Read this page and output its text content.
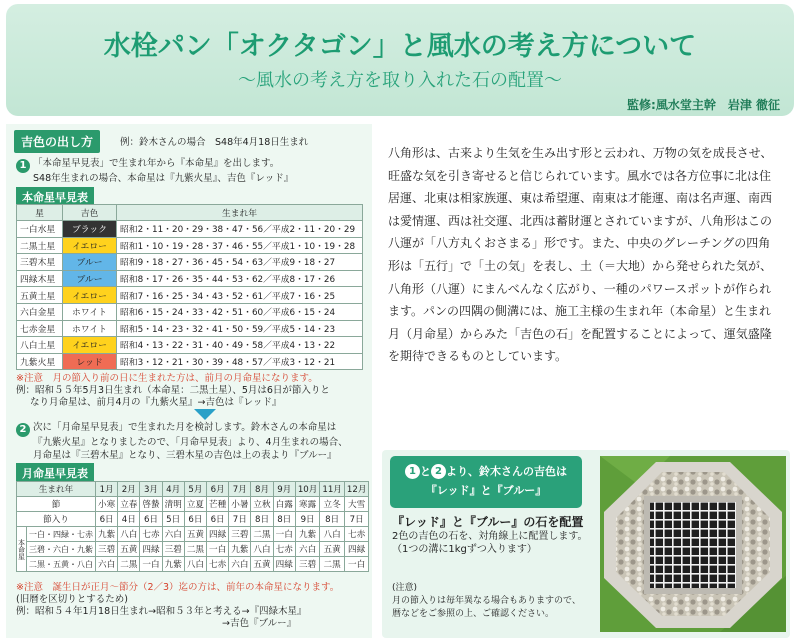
水栓パン「オクタゴン」と風水の考え方について
〜風水の考え方を取り入れた石の配置〜
監修:風水堂主幹　岩津 徹征
吉色の出し方	例：鈴木さんの場合　S48年4月18日生まれ
1 「本命星早見表」で生まれ年から『本命星』を出します。
S48年生まれの場合、本命星は『九紫火星』、吉色『レッド』
本命星早見表
星	吉色	生まれ年
一白水星	ブラック	昭和2・11・20・29・38・47・56／平成2・11・20・29
二黒土星	イエロー	昭和1・10・19・28・37・46・55／平成1・10・19・28
三碧木星	ブルー	昭和9・18・27・36・45・54・63／平成9・18・27
四緑木星	ブルー	昭和8・17・26・35・44・53・62／平成8・17・26
五黄土星	イエロー	昭和7・16・25・34・43・52・61／平成7・16・25
六白金星	ホワイト	昭和6・15・24・33・42・51・60／平成6・15・24
七赤金星	ホワイト	昭和5・14・23・32・41・50・59／平成5・14・23
八白土星	イエロー	昭和4・13・22・31・40・49・58／平成4・13・22
九紫火星	レッド	昭和3・12・21・30・39・48・57／平成3・12・21
※注意　月の節入り前の日に生まれた方は、前月の月命星になります。
例：昭和５５年5月3日生まれ（本命星：二黒土星）、5月は6日が節入りと
なり月命星は、前月4月の『九紫火星』→吉色は『レッド』
2 次に「月命星早見表」で生まれた月を検討します。鈴木さんの本命星は
『九紫火星』となりましたので、「月命早見表」より、4月生まれの場合、
月命星は『三碧木星』となり、三碧木星の吉色は上の表より『ブルー』
月命星早見表
生まれ年		1月	2月	3月	4月	5月	6月	7月	8月	9月	10月	11月	12月
節		小寒	立春	啓蟄	清明	立夏	芒種	小暑	立秋	白露	寒露	立冬	大雪
節入り		6日	4日	6日	5日	6日	6日	7日	8日	8日	9日	8日	7日
本命星	一白・四緑・七赤	九紫	八白	七赤	六白	五黄	四緑	三碧	二黒	一白	九紫	八白	七赤
	三碧・六白・九紫	三碧	五黄	四緑	三碧	二黒	一白	九紫	八白	七赤	六白	五黄	四緑
	二黒・五黄・八白	六白	二黒	一白	九紫	八白	七赤	六白	五黄	四緑	三碧	二黒	一白
※注意　誕生日が正月〜節分（2／3）迄の方は、前年の本命星になります。
(旧暦を区切りとするため)
例：昭和５４年1月18日生まれ→昭和５３年と考える→『四緑木星』
→吉色『ブルー』

八角形は、古来より生気を生み出す形と云われ、万物の気を成長させ、旺盛な気を引き寄せると信じられています。風水では各方位事に北は住居運、北東は相家族運、東は希望運、南東は才能運、南は名声運、南西は愛情運、西は社交運、北西は蓄財運とされていますが、八角形はこの八運が「八方丸くおさまる」形です。また、中央のグレーチングの四角形は「五行」で「土の気」を表し、土（＝大地）から発せられた気が、八角形（八運）にまんべんなく広がり、一種のパワースポットが作られます。パンの四隅の側溝には、施工主様の生まれ年（本命星）と生まれ月（月命星）からみた「吉色の石」を配置することによって、運気盛隆を期待できるものとしています。

1 と 2 より、鈴木さんの吉色は
『レッド』と『ブルー』
『レッド』と『ブルー』の石を配置
2色の吉色の石を、対角線上に配置します。
（1つの溝に1kgずつ入ります）
(注意)
月の節入りは毎年異なる場合もありますので、
暦などをご参照の上、ご確認ください。
